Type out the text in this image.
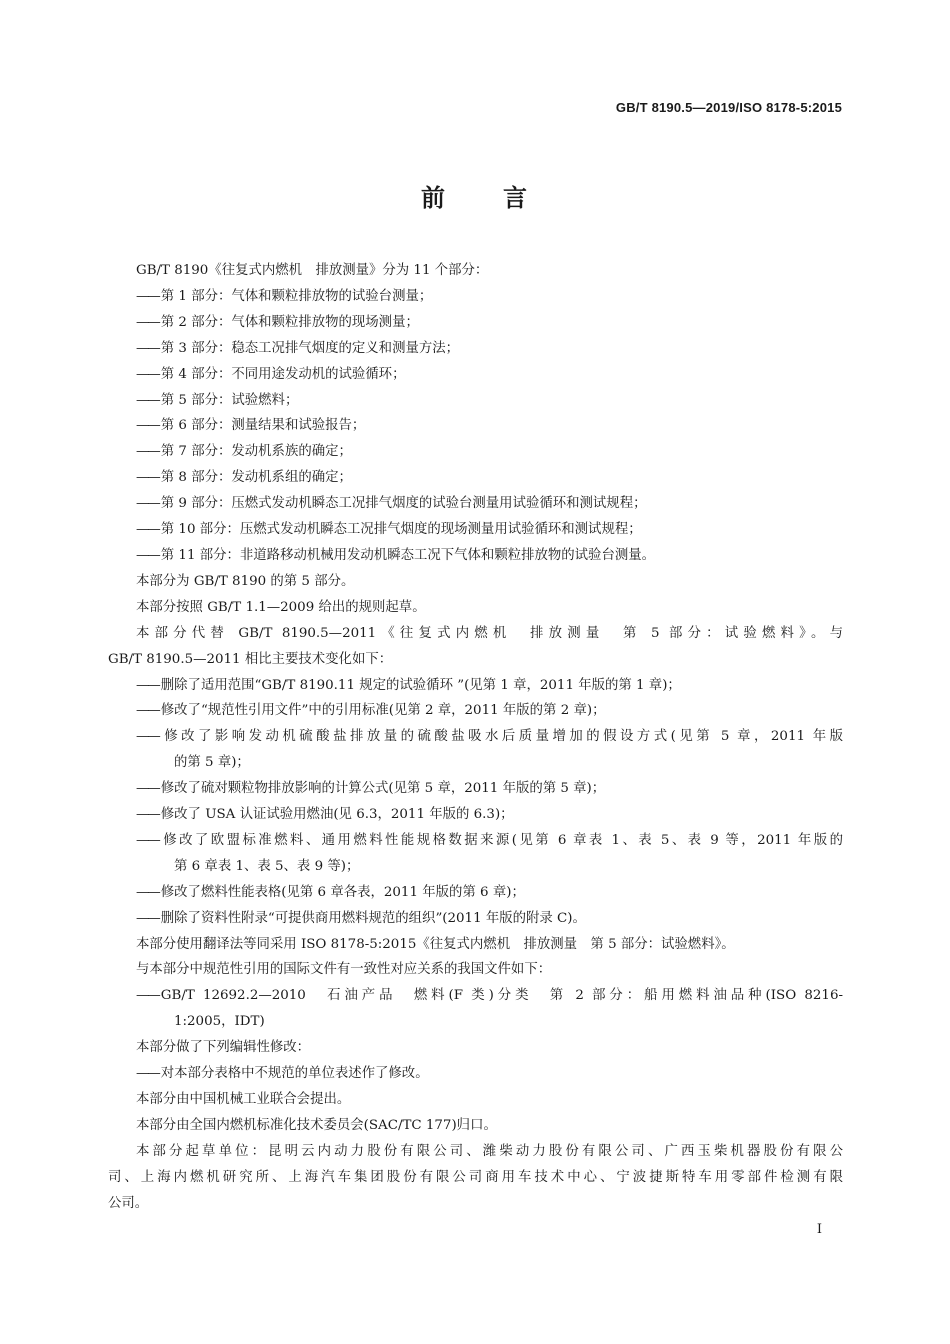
GB/T 8190.5—2019/ISO 8178-5:2015
前 言

GB/T 8190《往复式内燃机　排放测量》分为 11 个部分：

—— 第 1 部分：气体和颗粒排放物的试验台测量；

—— 第 2 部分：气体和颗粒排放物的现场测量；

—— 第 3 部分：稳态工况排气烟度的定义和测量方法；

—— 第 4 部分：不同用途发动机的试验循环；

—— 第 5 部分：试验燃料；

—— 第 6 部分：测量结果和试验报告；

—— 第 7 部分：发动机系族的确定；

—— 第 8 部分：发动机系组的确定；

—— 第 9 部分：压燃式发动机瞬态工况排气烟度的试验台测量用试验循环和测试规程；

—— 第 10 部分：压燃式发动机瞬态工况排气烟度的现场测量用试验循环和测试规程；

—— 第 11 部分：非道路移动机械用发动机瞬态工况下气体和颗粒排放物的试验台测量。

本部分为 GB/T 8190 的第 5 部分。

本部分按照 GB/T 1.1—2009 给出的规则起草。

本部分代替 GB/T 8190.5—2011《往复式内燃机　排放测量　第 5 部分：试验燃料》。与

GB/T 8190.5—2011 相比主要技术变化如下：

—— 删除了适用范围“GB/T 8190.11 规定的试验循环 ”(见第 1 章，2011 年版的第 1 章)；

—— 修改了“规范性引用文件”中的引用标准(见第 2 章，2011 年版的第 2 章)；

—— 修改了影响发动机硫酸盐排放量的硫酸盐吸水后质量增加的假设方式(见第 5 章，2011 年版

的第 5 章)；

—— 修改了硫对颗粒物排放影响的计算公式(见第 5 章，2011 年版的第 5 章)；

—— 修改了 USA 认证试验用燃油(见 6.3，2011 年版的 6.3)；

—— 修改了欧盟标准燃料、通用燃料性能规格数据来源(见第 6 章表 1、表 5、表 9 等，2011 年版的

第 6 章表 1、表 5、表 9 等)；

—— 修改了燃料性能表格(见第 6 章各表，2011 年版的第 6 章)；

—— 删除了资料性附录“可提供商用燃料规范的组织”(2011 年版的附录 C)。

本部分使用翻译法等同采用 ISO 8178-5:2015《往复式内燃机　排放测量　第 5 部分：试验燃料》。

与本部分中规范性引用的国际文件有一致性对应关系的我国文件如下：

—— GB/T 12692.2—2010　石油产品　燃料(F 类)分类　第 2 部分：船用燃料油品种(ISO 8216-

1:2005，IDT)

本部分做了下列编辑性修改：

—— 对本部分表格中不规范的单位表述作了修改。

本部分由中国机械工业联合会提出。

本部分由全国内燃机标准化技术委员会(SAC/TC 177)归口。

本部分起草单位：昆明云内动力股份有限公司、潍柴动力股份有限公司、广西玉柴机器股份有限公

司、上海内燃机研究所、上海汽车集团股份有限公司商用车技术中心、宁波捷斯特车用零部件检测有限

公司。

I
